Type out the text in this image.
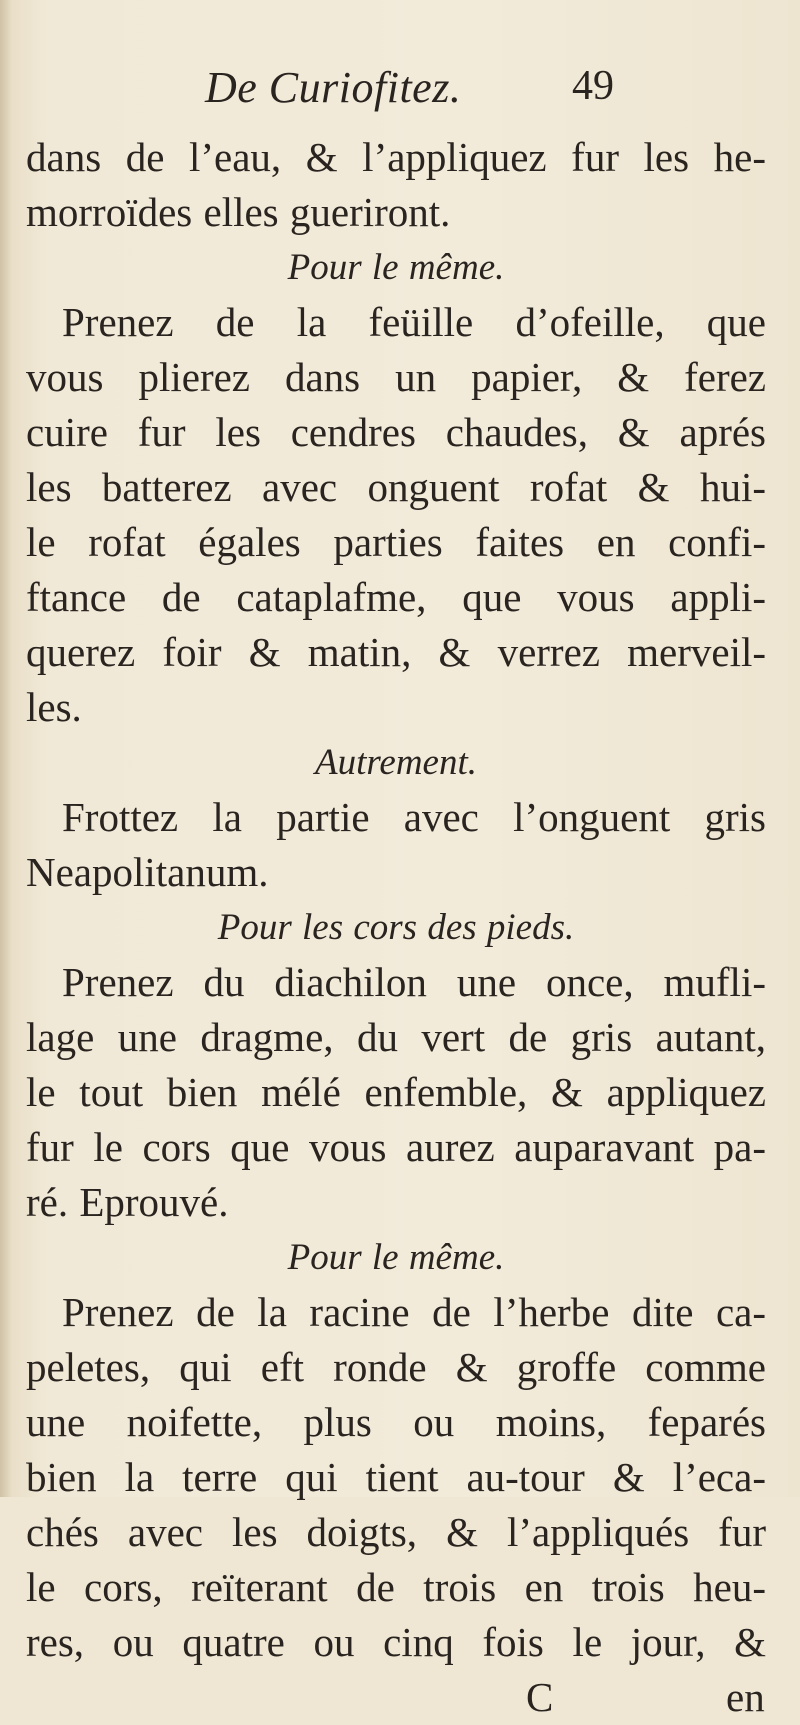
De Curiofitez.	49
dans de l’eau, & l’appliquez fur les he-
morroïdes elles gueriront.
Pour le même.
Prenez de la feüille d’ofeille, que
vous plierez dans un papier, & ferez
cuire fur les cendres chaudes, & aprés
les batterez avec onguent rofat & hui-
le rofat égales parties faites en confi-
ftance de cataplafme, que vous appli-
querez foir & matin, & verrez merveil-
les.
Autrement.
Frottez la partie avec l’onguent gris
Neapolitanum.
Pour les cors des pieds.
Prenez du diachilon une once, mufli-
lage une dragme, du vert de gris autant,
le tout bien mélé enfemble, & appliquez
fur le cors que vous aurez auparavant pa-
ré. Eprouvé.
Pour le même.
Prenez de la racine de l’herbe dite ca-
peletes, qui eft ronde & groffe comme
une noifette, plus ou moins, feparés
bien la terre qui tient au-tour & l’eca-
chés avec les doigts, & l’appliqués fur
le cors, reïterant de trois en trois heu-
res, ou quatre ou cinq fois le jour, &
C	en
